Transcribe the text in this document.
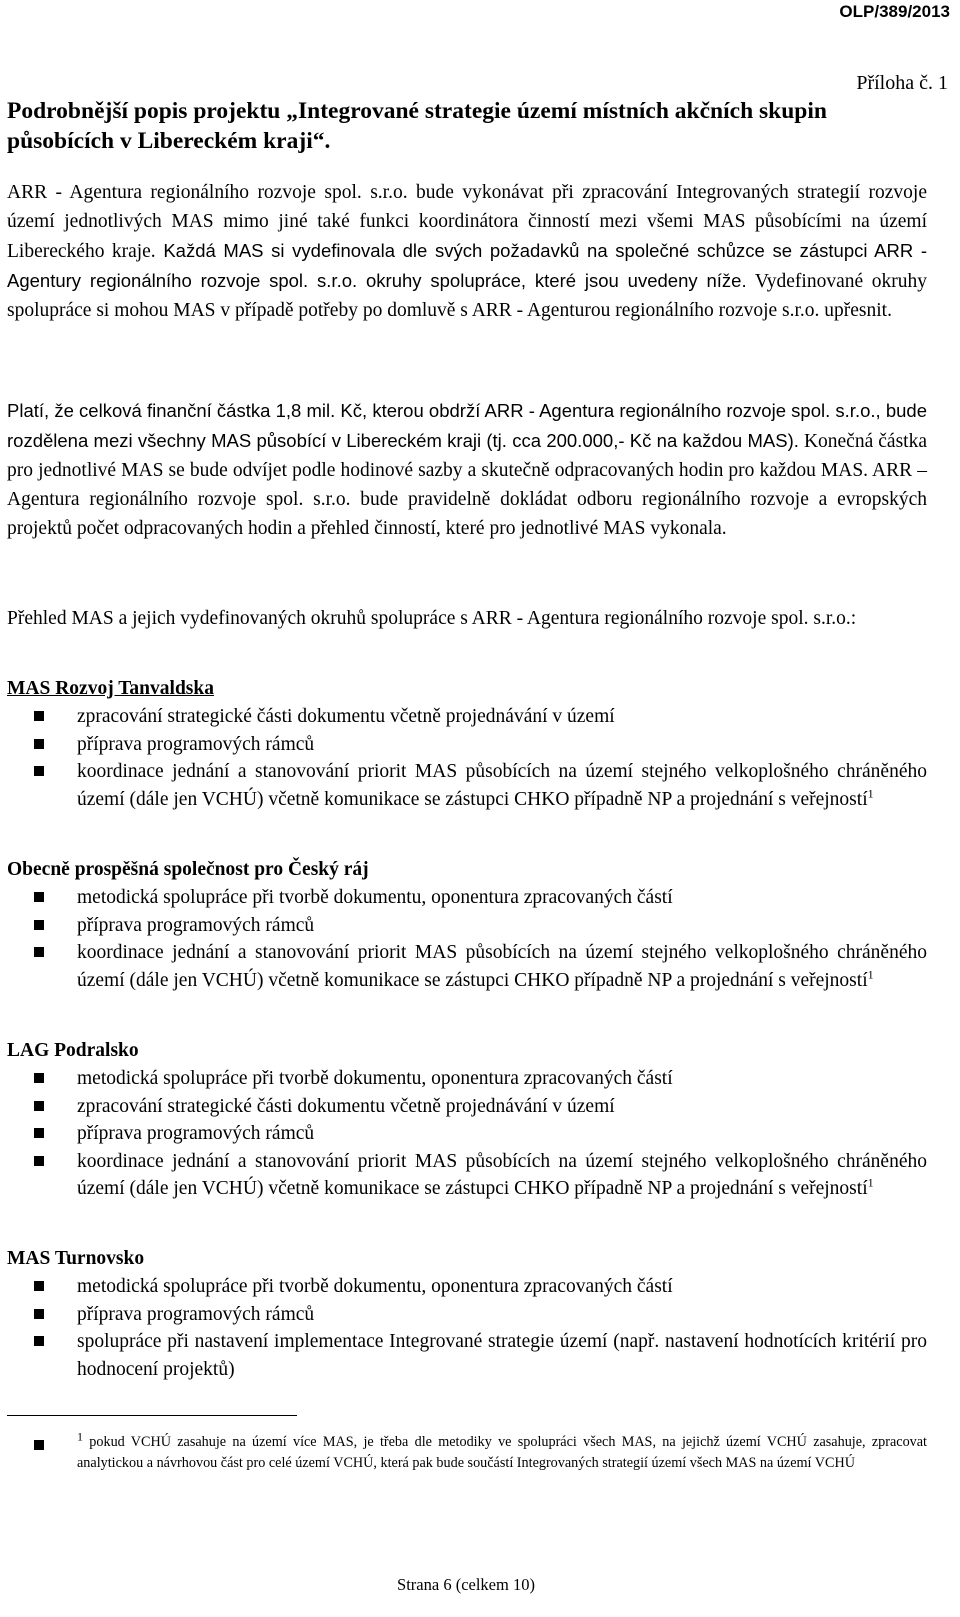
OLP/389/2013
Příloha č. 1
Podrobnější popis projektu „Integrované strategie území místních akčních skupin působících v Libereckém kraji“.

ARR - Agentura regionálního rozvoje spol. s.r.o. bude vykonávat při zpracování Integrovaných strategií rozvoje území jednotlivých MAS mimo jiné také funkci koordinátora činností mezi všemi MAS působícími na území Libereckého kraje. Každá MAS si vydefinovala dle svých požadavků na společné schůzce se zástupci ARR - Agentury regionálního rozvoje spol. s.r.o. okruhy spolupráce, které jsou uvedeny níže. Vydefinované okruhy spolupráce si mohou MAS v případě potřeby po domluvě s ARR - Agenturou regionálního rozvoje s.r.o. upřesnit.

Platí, že celková finanční částka 1,8 mil. Kč, kterou obdrží ARR - Agentura regionálního rozvoje spol. s.r.o., bude rozdělena mezi všechny MAS působící v Libereckém kraji (tj. cca 200.000,- Kč na každou MAS). Konečná částka pro jednotlivé MAS se bude odvíjet podle hodinové sazby a skutečně odpracovaných hodin pro každou MAS. ARR – Agentura regionálního rozvoje spol. s.r.o. bude pravidelně dokládat odboru regionálního rozvoje a evropských projektů počet odpracovaných hodin a přehled činností, které pro jednotlivé MAS vykonala.

Přehled MAS a jejich vydefinovaných okruhů spolupráce s ARR - Agentura regionálního rozvoje spol. s.r.o.:

MAS Rozvoj Tanvaldska
zpracování strategické části dokumentu včetně projednávání v území
příprava programových rámců
koordinace jednání a stanovování priorit MAS působících na území stejného velkoplošného chráněného území (dále jen VCHÚ) včetně komunikace se zástupci CHKO případně NP a projednání s veřejností$^1$
Obecně prospěšná společnost pro Český ráj
metodická spolupráce při tvorbě dokumentu, oponentura zpracovaných částí
příprava programových rámců
koordinace jednání a stanovování priorit MAS působících na území stejného velkoplošného chráněného území (dále jen VCHÚ) včetně komunikace se zástupci CHKO případně NP a projednání s veřejností$^1$
LAG Podralsko
metodická spolupráce při tvorbě dokumentu, oponentura zpracovaných částí
zpracování strategické části dokumentu včetně projednávání v území
příprava programových rámců
koordinace jednání a stanovování priorit MAS působících na území stejného velkoplošného chráněného území (dále jen VCHÚ) včetně komunikace se zástupci CHKO případně NP a projednání s veřejností$^1$
MAS Turnovsko
metodická spolupráce při tvorbě dokumentu, oponentura zpracovaných částí
příprava programových rámců
spolupráce při nastavení implementace Integrované strategie území (např. nastavení hodnotících kritérií pro hodnocení projektů)
$^1$ pokud VCHÚ zasahuje na území více MAS, je třeba dle metodiky ve spolupráci všech MAS, na jejichž území VCHÚ zasahuje, zpracovat analytickou a návrhovou část pro celé území VCHÚ, která pak bude součástí Integrovaných strategií území všech MAS na území VCHÚ
Strana 6 (celkem 10)
